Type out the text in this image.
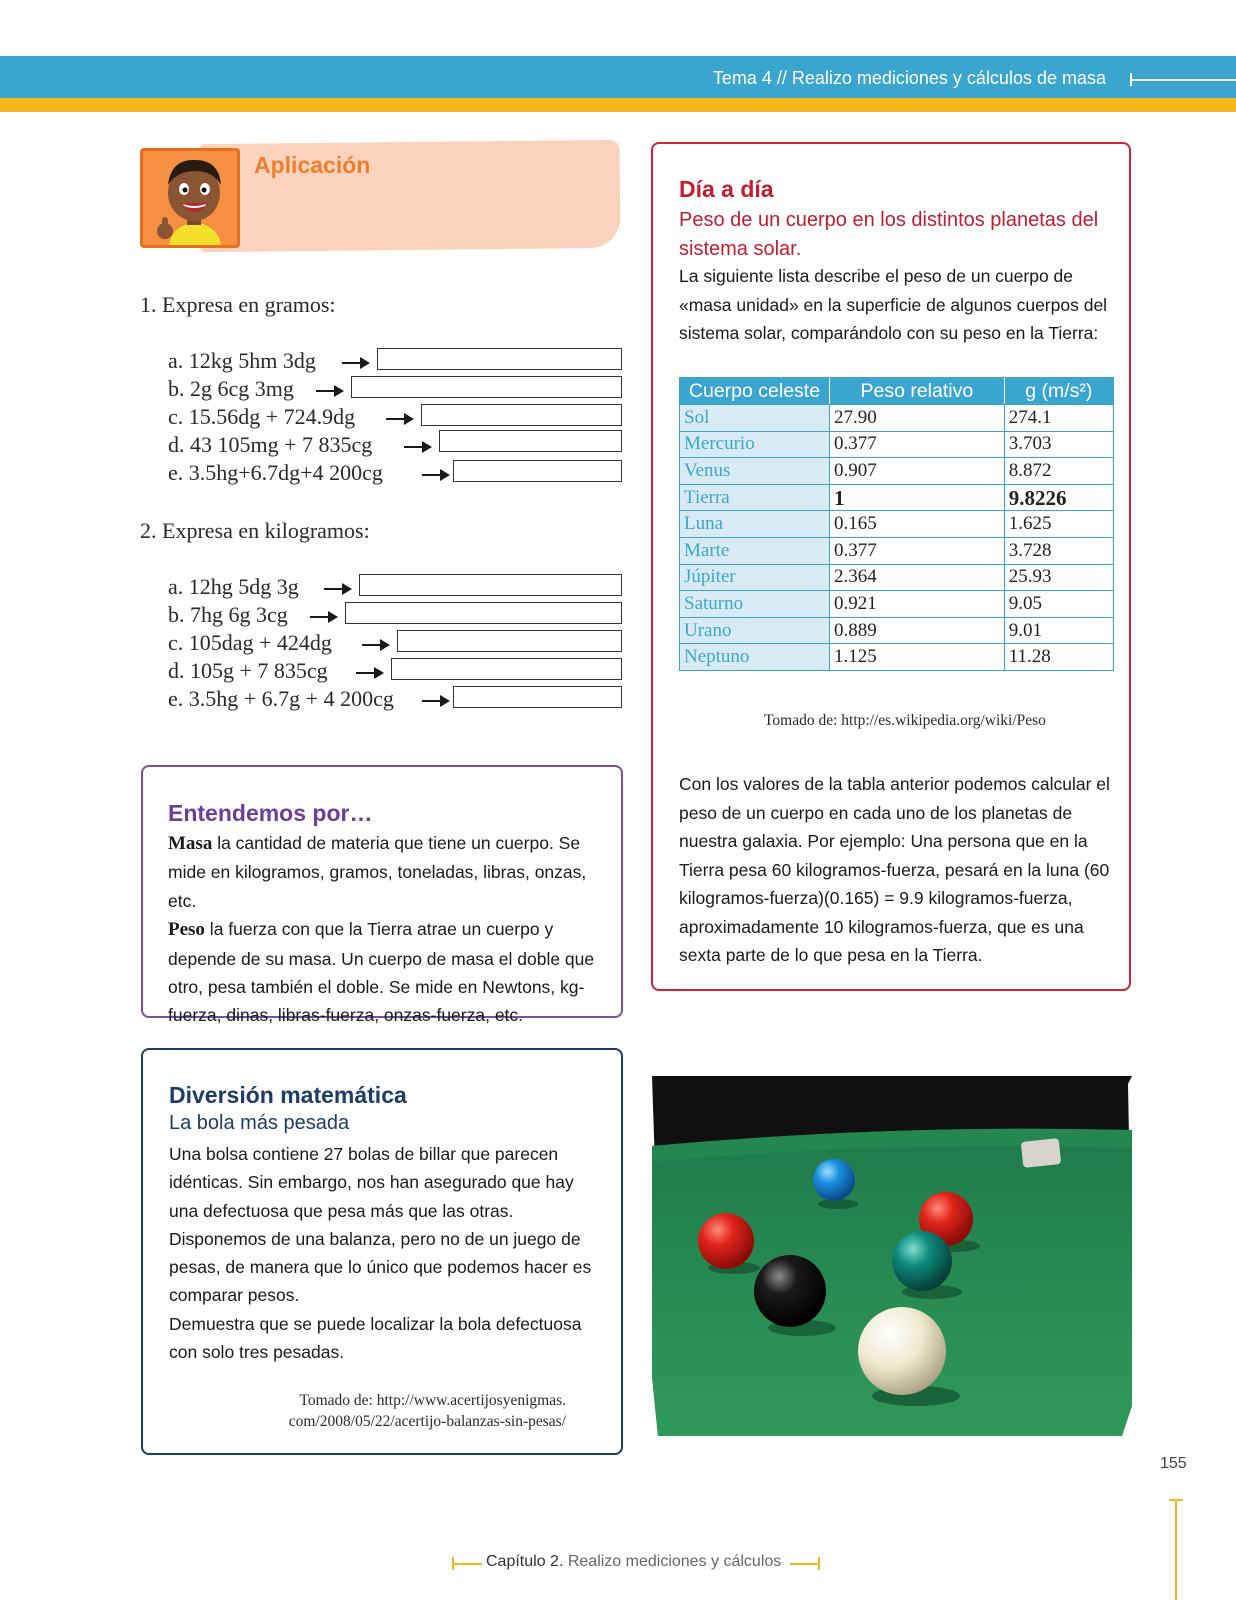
Tema 4 // Realizo mediciones y cálculos de masa
Aplicación
1. Expresa en gramos:
a. 12kg 5hm 3dg
b. 2g 6cg 3mg
c. 15.56dg + 724.9dg
d. 43 105mg + 7 835cg
e. 3.5hg+6.7dg+4 200cg
2. Expresa en kilogramos:
a. 12hg 5dg 3g
b. 7hg 6g 3cg
c. 105dag + 424dg
d. 105g + 7 835cg
e. 3.5hg + 6.7g + 4 200cg
Entendemos por…
Masa la cantidad de materia que tiene un cuerpo. Se mide en kilogramos, gramos, toneladas, libras, onzas, etc.
Peso la fuerza con que la Tierra atrae un cuerpo y depende de su masa. Un cuerpo de masa el doble que otro, pesa también el doble. Se mide en Newtons, kg-fuerza, dinas, libras-fuerza, onzas-fuerza, etc.
Diversión matemática
La bola más pesada
Una bolsa contiene 27 bolas de billar que parecen idénticas. Sin embargo, nos han asegurado que hay una defectuosa que pesa más que las otras.
Disponemos de una balanza, pero no de un juego de pesas, de manera que lo único que podemos hacer es comparar pesos.
Demuestra que se puede localizar la bola defectuosa con solo tres pesadas.
Tomado de: http://www.acertijosyenigmas.
com/2008/05/22/acertijo-balanzas-sin-pesas/
Día a día
Peso de un cuerpo en los distintos planetas del sistema solar.
La siguiente lista describe el peso de un cuerpo de «masa unidad» en la superficie de algunos cuerpos del sistema solar, comparándolo con su peso en la Tierra:
Cuerpo celeste	Peso relativo	g (m/s²)
Sol	27.90	274.1
Mercurio	0.377	3.703
Venus	0.907	8.872
Tierra	1	9.8226
Luna	0.165	1.625
Marte	0.377	3.728
Júpiter	2.364	25.93
Saturno	0.921	9.05
Urano	0.889	9.01
Neptuno	1.125	11.28
Tomado de: http://es.wikipedia.org/wiki/Peso
Con los valores de la tabla anterior podemos calcular el peso de un cuerpo en cada uno de los planetas de nuestra galaxia. Por ejemplo: Una persona que en la Tierra pesa 60 kilogramos-fuerza, pesará en la luna (60 kilogramos-fuerza)(0.165) = 9.9 kilogramos-fuerza, aproximadamente 10 kilogramos-fuerza, que es una sexta parte de lo que pesa en la Tierra.
155
Capítulo 2. Realizo mediciones y cálculos
